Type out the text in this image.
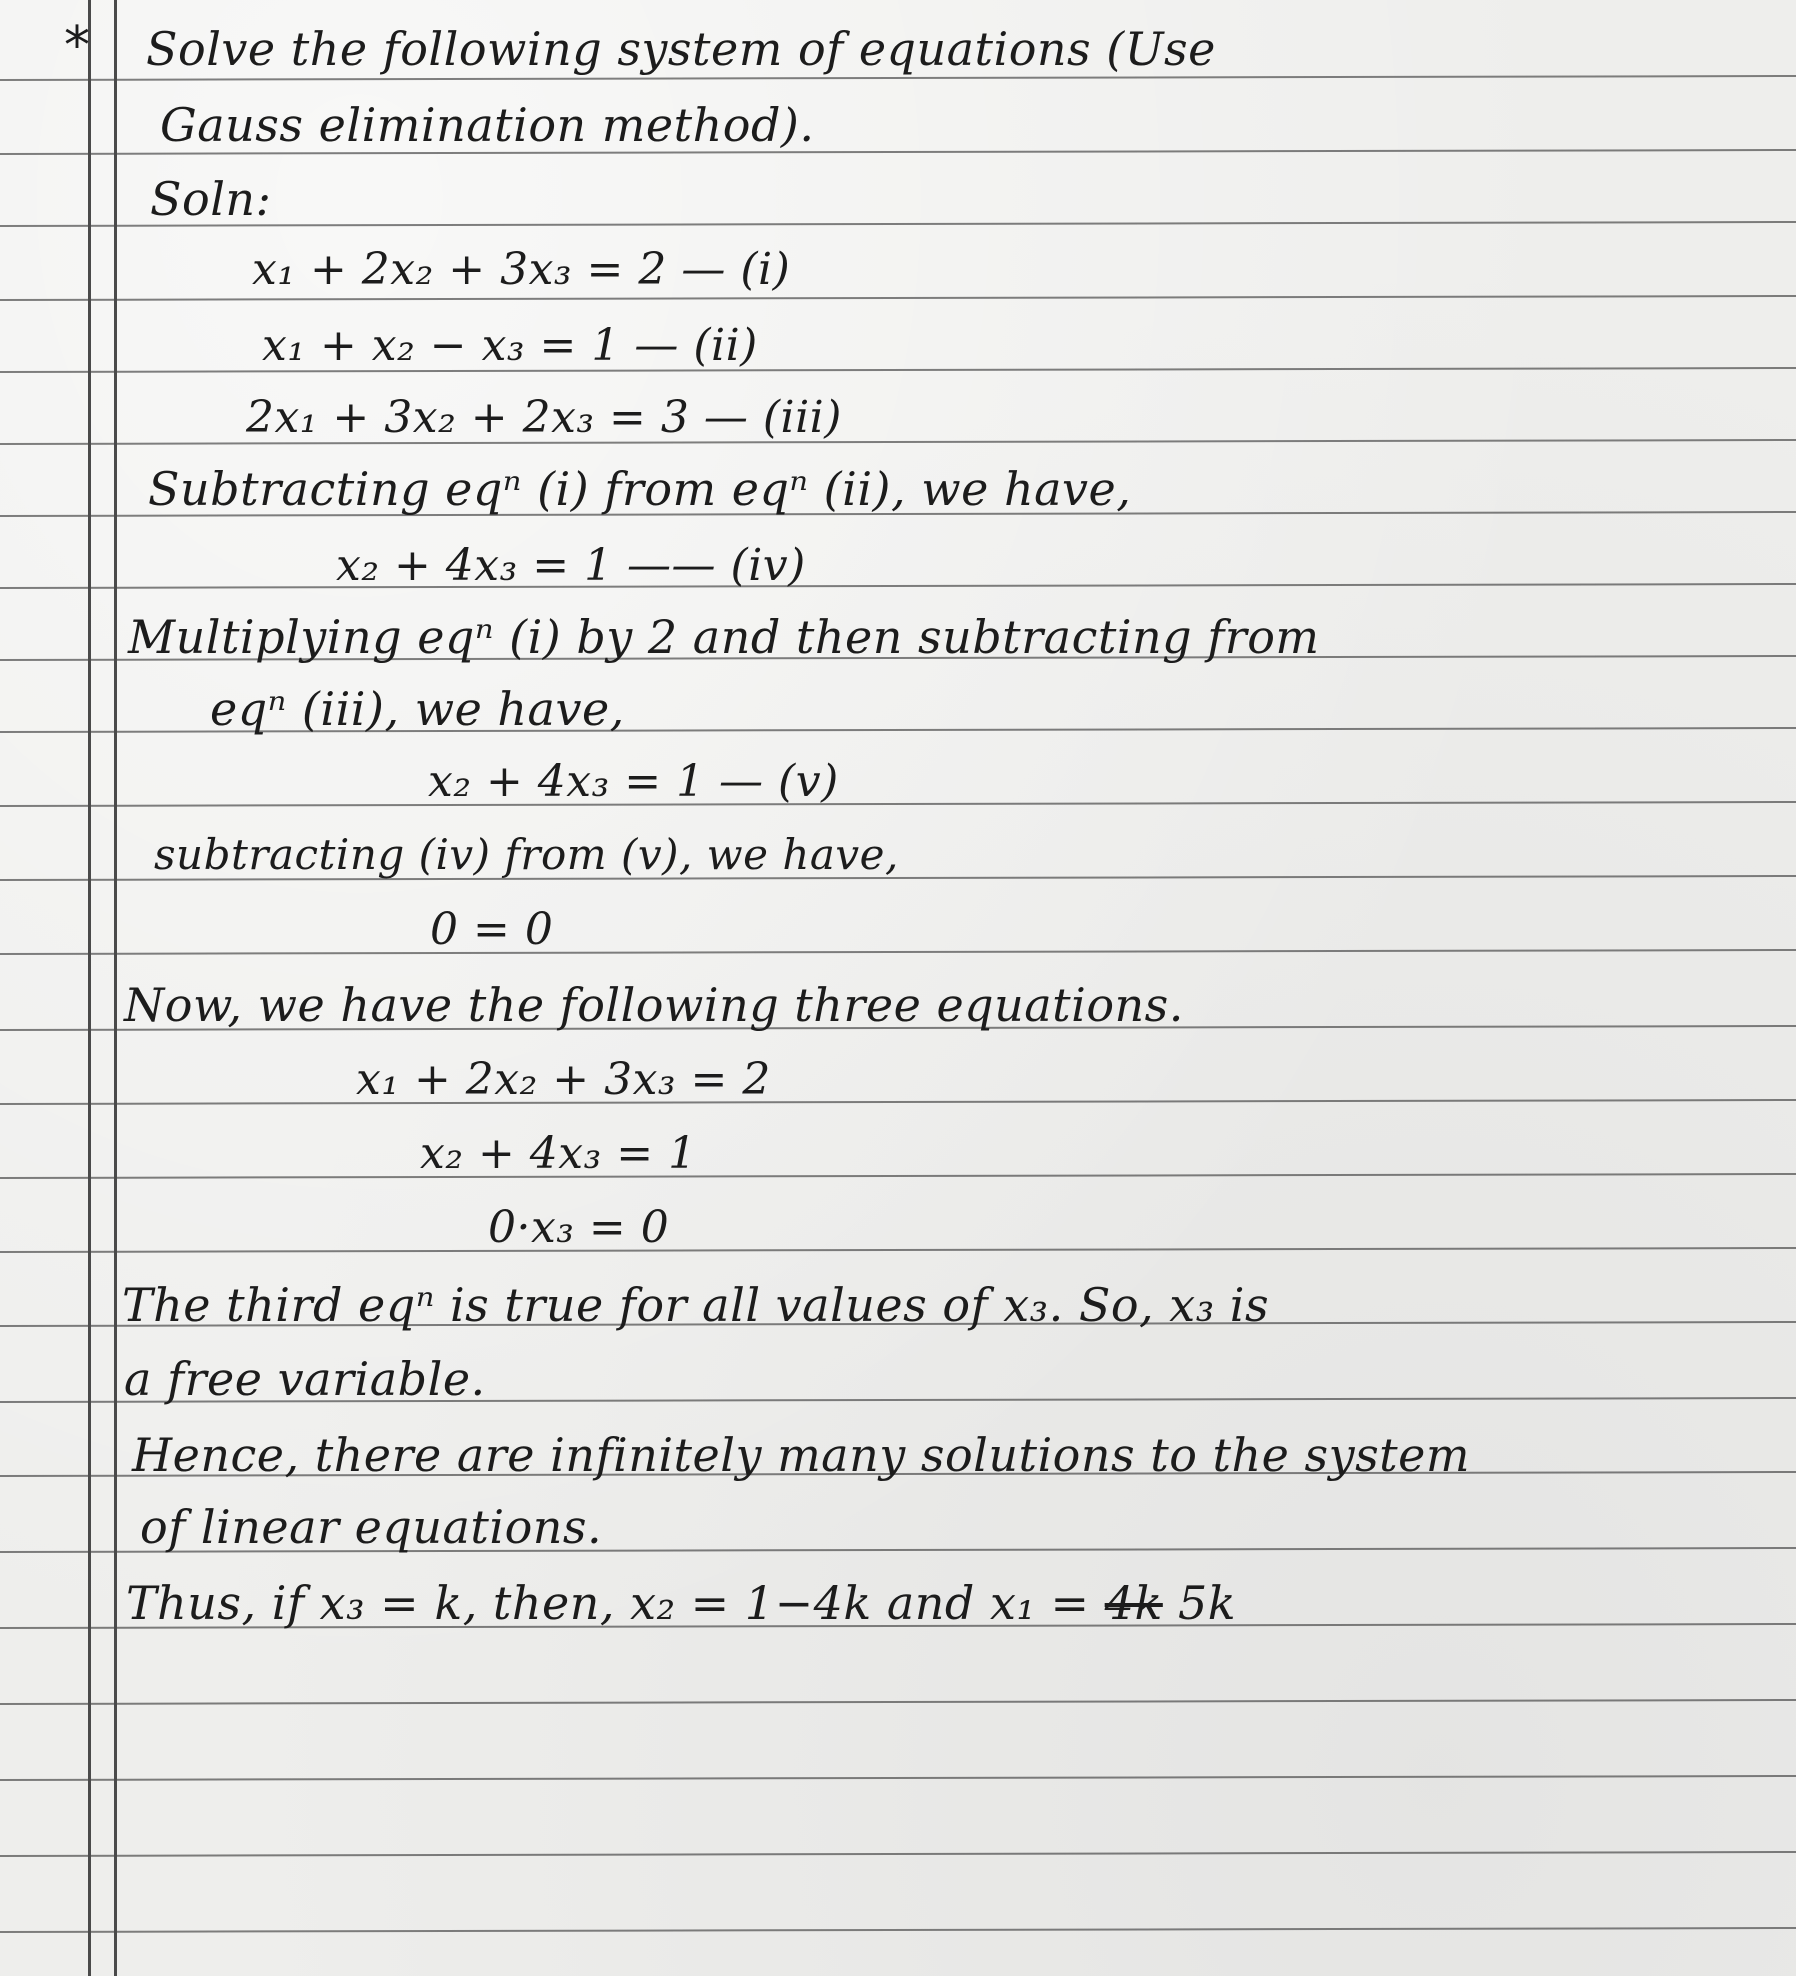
* Solve the following system of equations (Use
Gauss elimination method).
Soln:
x₁ + 2x₂ + 3x₃ = 2 — (i)
x₁ + x₂ − x₃ = 1 — (ii)
2x₁ + 3x₂ + 2x₃ = 3 — (iii)
Subtracting eqⁿ (i) from eqⁿ (ii), we have,
x₂ + 4x₃ = 1 —— (iv)
Multiplying eqⁿ (i) by 2 and then subtracting from
eqⁿ (iii), we have,
x₂ + 4x₃ = 1 — (v)
subtracting (iv) from (v), we have,
0 = 0
Now, we have the following three equations.
x₁ + 2x₂ + 3x₃ = 2
x₂ + 4x₃ = 1
0·x₃ = 0
The third eqⁿ is true for all values of x₃. So, x₃ is
a free variable.
Hence, there are infinitely many solutions to the system
of linear equations.
Thus, if x₃ = k, then, x₂ = 1−4k and x₁ = 4k 5k
